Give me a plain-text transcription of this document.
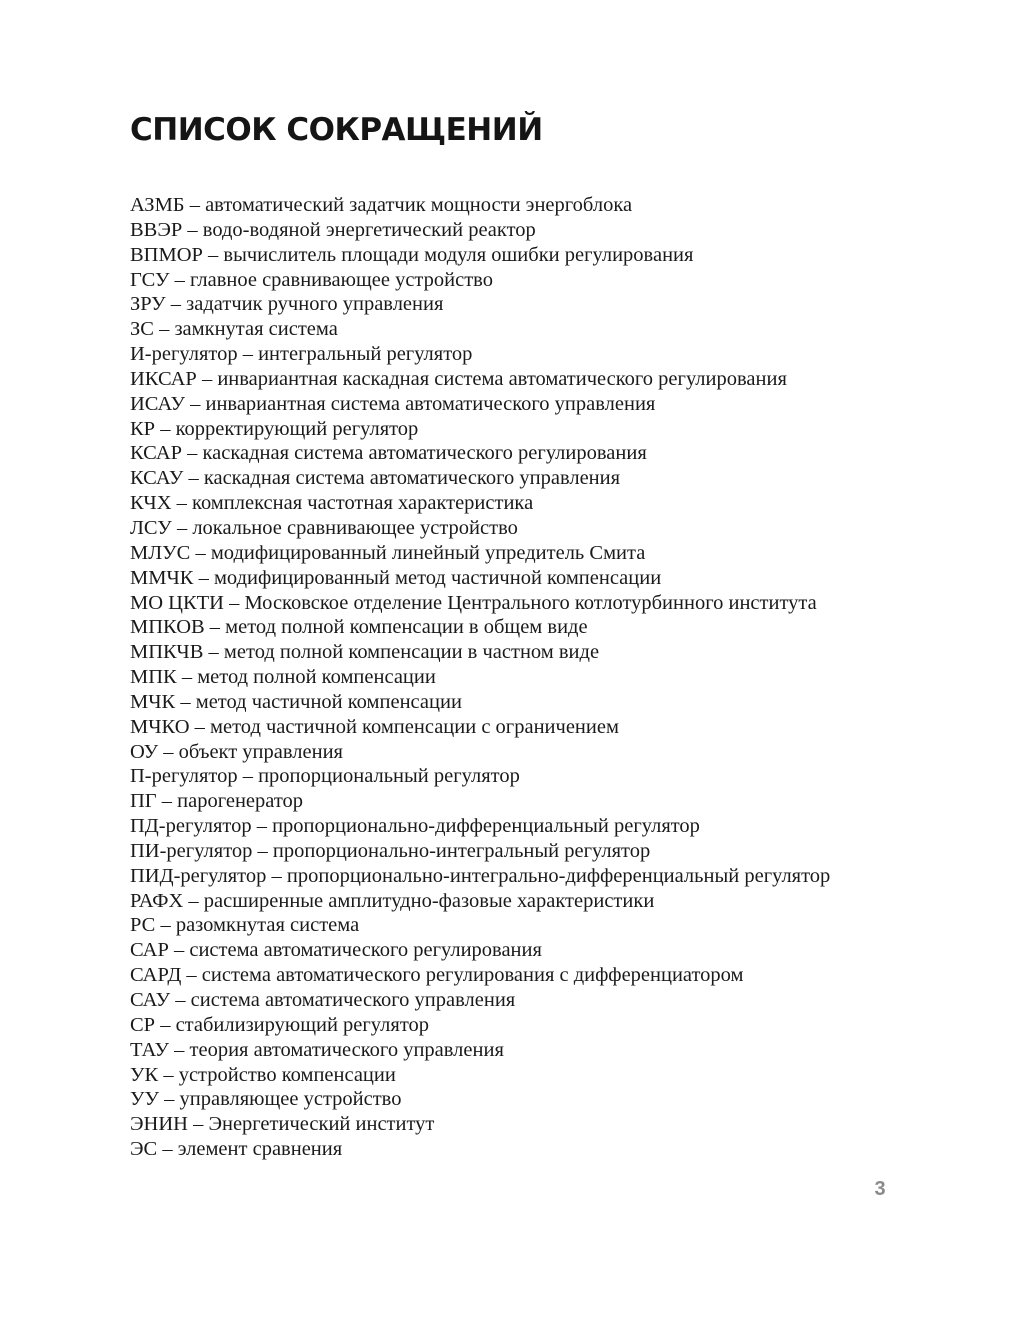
СПИСОК СОКРАЩЕНИЙ
АЗМБ – автоматический задатчик мощности энергоблока
ВВЭР – водо-водяной энергетический реактор
ВПМОР – вычислитель площади модуля ошибки регулирования
ГСУ – главное сравнивающее устройство
ЗРУ – задатчик ручного управления
ЗС – замкнутая система
И-регулятор – интегральный регулятор
ИКСАР – инвариантная каскадная система автоматического регулирования
ИСАУ – инвариантная система автоматического управления
КР – корректирующий регулятор
КСАР – каскадная система автоматического регулирования
КСАУ – каскадная система автоматического управления
КЧХ – комплексная частотная характеристика
ЛСУ – локальное сравнивающее устройство
МЛУС – модифицированный линейный упредитель Смита
ММЧК – модифицированный метод частичной компенсации
МО ЦКТИ – Московское отделение Центрального котлотурбинного института
МПКОВ – метод полной компенсации в общем виде
МПКЧВ – метод полной компенсации в частном виде
МПК – метод полной компенсации
МЧК – метод частичной компенсации
МЧКО – метод частичной компенсации с ограничением
ОУ – объект управления
П-регулятор – пропорциональный регулятор
ПГ – парогенератор
ПД-регулятор – пропорционально-дифференциальный регулятор
ПИ-регулятор – пропорционально-интегральный регулятор
ПИД-регулятор – пропорционально-интегрально-дифференциальный регулятор
РАФХ – расширенные амплитудно-фазовые характеристики
РС – разомкнутая система
САР – система автоматического регулирования
САРД – система автоматического регулирования с дифференциатором
САУ – система автоматического управления
СР – стабилизирующий регулятор
ТАУ – теория автоматического управления
УК – устройство компенсации
УУ – управляющее устройство
ЭНИН – Энергетический институт
ЭС – элемент сравнения
3
